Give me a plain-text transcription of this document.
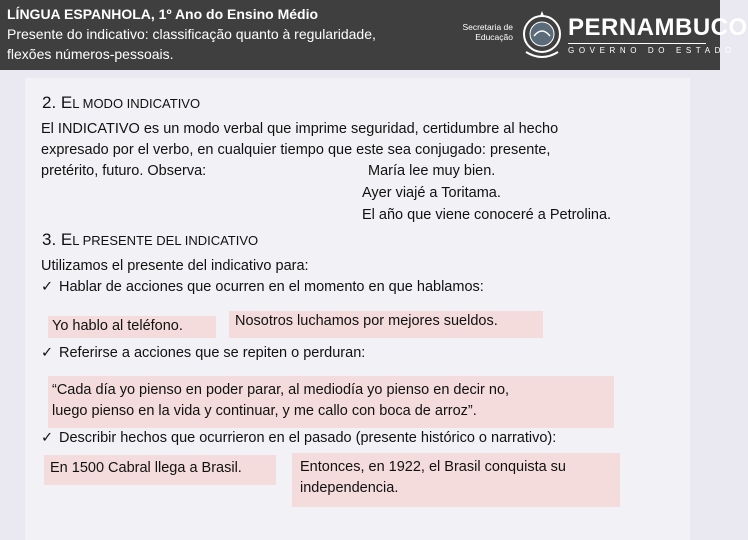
LÍNGUA ESPANHOLA, 1º Ano do Ensino Médio
Presente do indicativo: classificação quanto à regularidade,
flexões números-pessoais.
Secretaria de
Educação PERNAMBUCO
GOVERNO DO ESTADO
2. EL MODO INDICATIVO
El INDICATIVO es un modo verbal que imprime seguridad, certidumbre al hecho
expresado por el verbo, en cualquier tiempo que este sea conjugado: presente,
pretérito, futuro. Observa:	María lee muy bien.
Ayer viajé a Toritama.
El año que viene conoceré a Petrolina.
3. EL PRESENTE DEL INDICATIVO
Utilizamos el presente del indicativo para:
✓ Hablar de acciones que ocurren en el momento en que hablamos:
Yo hablo al teléfono.	Nosotros luchamos por mejores sueldos.
✓ Referirse a acciones que se repiten o perduran:
“Cada día yo pienso en poder parar, al mediodía yo pienso en decir no,
luego pienso en la vida y continuar, y me callo con boca de arroz”.
✓ Describir hechos que ocurrieron en el pasado (presente histórico o narrativo):
En 1500 Cabral llega a Brasil.	Entonces, en 1922, el Brasil conquista su
independencia.
